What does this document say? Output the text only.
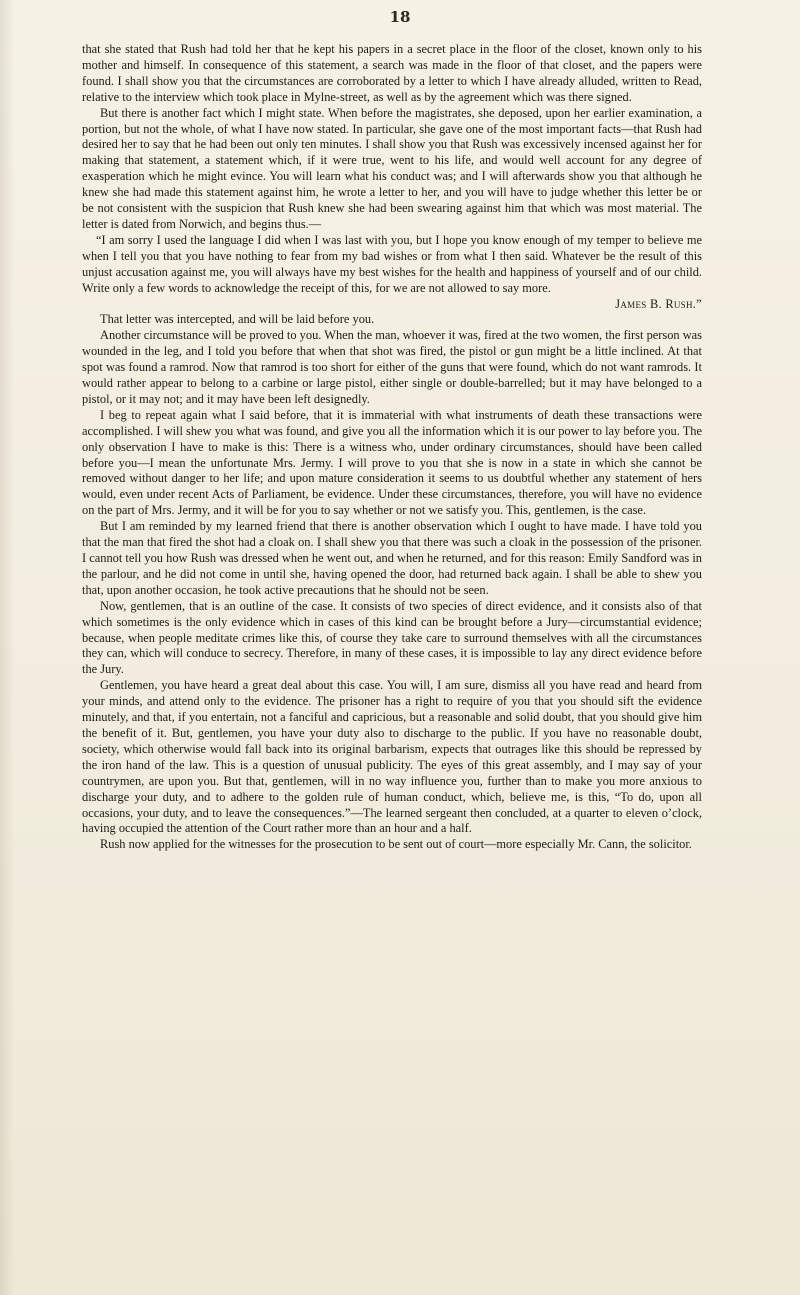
18

that she stated that Rush had told her that he kept his papers in a secret place in the floor of the closet, known only to his mother and himself. In consequence of this statement, a search was made in the floor of that closet, and the papers were found. I shall show you that the circumstances are corroborated by a letter to which I have already alluded, written to Read, relative to the interview which took place in Mylne-street, as well as by the agreement which was there signed.

But there is another fact which I might state. When before the magistrates, she deposed, upon her earlier examination, a portion, but not the whole, of what I have now stated. In particular, she gave one of the most important facts—that Rush had desired her to say that he had been out only ten minutes. I shall show you that Rush was excessively incensed against her for making that statement, a statement which, if it were true, went to his life, and would well account for any degree of exasperation which he might evince. You will learn what his conduct was; and I will afterwards show you that although he knew she had made this statement against him, he wrote a letter to her, and you will have to judge whether this letter be or be not consistent with the suspicion that Rush knew she had been swearing against him that which was most material. The letter is dated from Norwich, and begins thus.—

“I am sorry I used the language I did when I was last with you, but I hope you know enough of my temper to believe me when I tell you that you have nothing to fear from my bad wishes or from what I then said. Whatever be the result of this unjust accusation against me, you will always have my best wishes for the health and happiness of yourself and of our child. Write only a few words to acknowledge the receipt of this, for we are not allowed to say more.

James B. Rush.”

That letter was intercepted, and will be laid before you.

Another circumstance will be proved to you. When the man, whoever it was, fired at the two women, the first person was wounded in the leg, and I told you before that when that shot was fired, the pistol or gun might be a little inclined. At that spot was found a ramrod. Now that ramrod is too short for either of the guns that were found, which do not want ramrods. It would rather appear to belong to a carbine or large pistol, either single or double-barrelled; but it may have belonged to a pistol, or it may not; and it may have been left designedly.

I beg to repeat again what I said before, that it is immaterial with what instruments of death these transactions were accomplished. I will shew you what was found, and give you all the information which it is our power to lay before you. The only observation I have to make is this: There is a witness who, under ordinary circumstances, should have been called before you—I mean the unfortunate Mrs. Jermy. I will prove to you that she is now in a state in which she cannot be removed without danger to her life; and upon mature consideration it seems to us doubtful whether any statement of hers would, even under recent Acts of Parliament, be evidence. Under these circumstances, therefore, you will have no evidence on the part of Mrs. Jermy, and it will be for you to say whether or not we satisfy you. This, gentlemen, is the case.

But I am reminded by my learned friend that there is another observation which I ought to have made. I have told you that the man that fired the shot had a cloak on. I shall shew you that there was such a cloak in the possession of the prisoner. I cannot tell you how Rush was dressed when he went out, and when he returned, and for this reason: Emily Sandford was in the parlour, and he did not come in until she, having opened the door, had returned back again. I shall be able to shew you that, upon another occasion, he took active precautions that he should not be seen.

Now, gentlemen, that is an outline of the case. It consists of two species of direct evidence, and it consists also of that which sometimes is the only evidence which in cases of this kind can be brought before a Jury—circumstantial evidence; because, when people meditate crimes like this, of course they take care to surround themselves with all the circumstances they can, which will conduce to secrecy. Therefore, in many of these cases, it is impossible to lay any direct evidence before the Jury.

Gentlemen, you have heard a great deal about this case. You will, I am sure, dismiss all you have read and heard from your minds, and attend only to the evidence. The prisoner has a right to require of you that you should sift the evidence minutely, and that, if you entertain, not a fanciful and capricious, but a reasonable and solid doubt, that you should give him the benefit of it. But, gentlemen, you have your duty also to discharge to the public. If you have no reasonable doubt, society, which otherwise would fall back into its original barbarism, expects that outrages like this should be repressed by the iron hand of the law. This is a question of unusual publicity. The eyes of this great assembly, and I may say of your countrymen, are upon you. But that, gentlemen, will in no way influence you, further than to make you more anxious to discharge your duty, and to adhere to the golden rule of human conduct, which, believe me, is this, “To do, upon all occasions, your duty, and to leave the consequences.”—The learned sergeant then concluded, at a quarter to eleven o’clock, having occupied the attention of the Court rather more than an hour and a half.

Rush now applied for the witnesses for the prosecution to be sent out of court—more especially Mr. Cann, the solicitor.
